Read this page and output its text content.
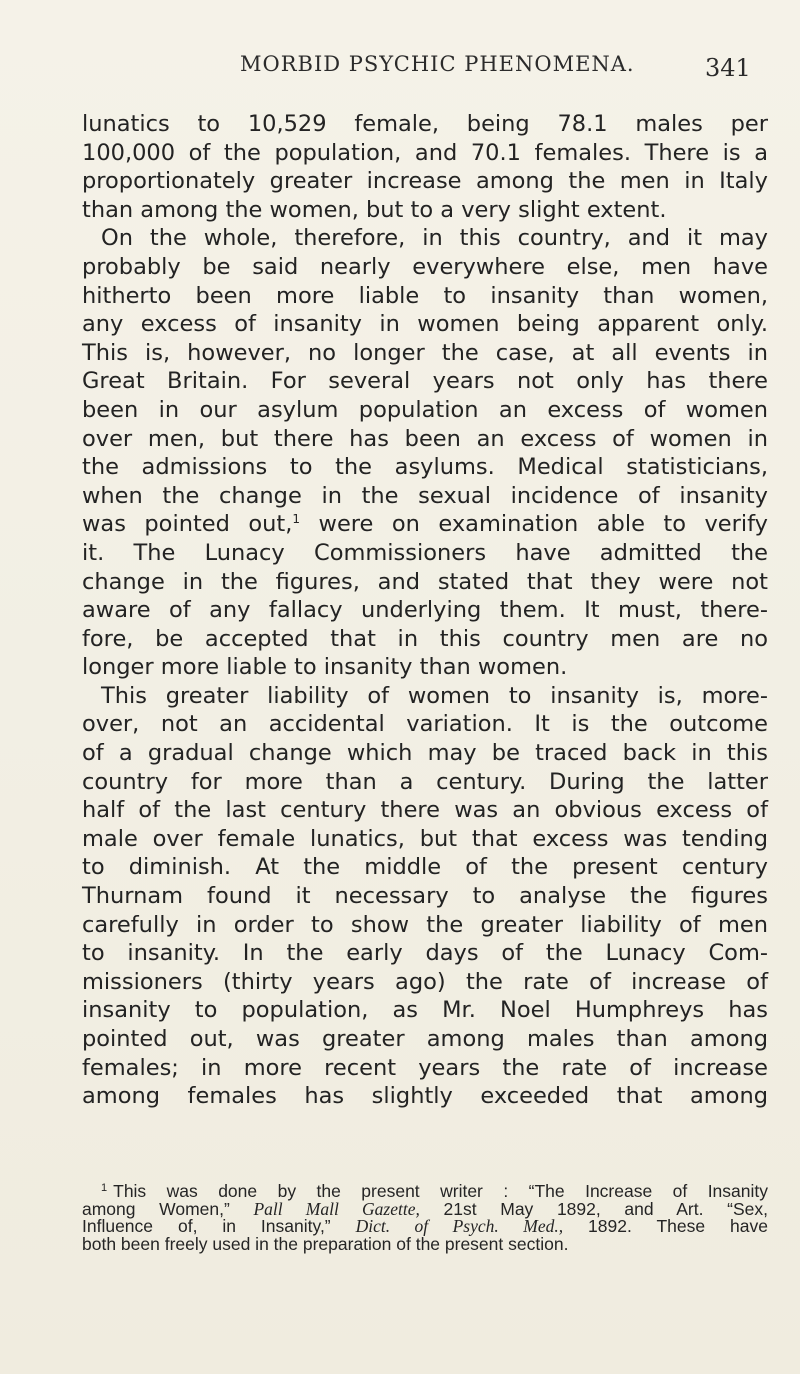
MORBID PSYCHIC PHENOMENA.	341
lunatics to 10,529 female, being 78.1 males per
100,000 of the population, and 70.1 females. There is a
proportionately greater increase among the men in Italy
than among the women, but to a very slight extent.
On the whole, therefore, in this country, and it may
probably be said nearly everywhere else, men have
hitherto been more liable to insanity than women,
any excess of insanity in women being apparent only.
This is, however, no longer the case, at all events in
Great Britain. For several years not only has there
been in our asylum population an excess of women
over men, but there has been an excess of women in
the admissions to the asylums. Medical statisticians,
when the change in the sexual incidence of insanity
was pointed out,$^1$ were on examination able to verify
it. The Lunacy Commissioners have admitted the
change in the figures, and stated that they were not
aware of any fallacy underlying them. It must, there-
fore, be accepted that in this country men are no
longer more liable to insanity than women.
This greater liability of women to insanity is, more-
over, not an accidental variation. It is the outcome
of a gradual change which may be traced back in this
country for more than a century. During the latter
half of the last century there was an obvious excess of
male over female lunatics, but that excess was tending
to diminish. At the middle of the present century
Thurnam found it necessary to analyse the figures
carefully in order to show the greater liability of men
to insanity. In the early days of the Lunacy Com-
missioners (thirty years ago) the rate of increase of
insanity to population, as Mr. Noel Humphreys has
pointed out, was greater among males than among
females; in more recent years the rate of increase
among females has slightly exceeded that among
$^1$ This was done by the present writer : “The Increase of Insanity
among Women,” Pall Mall Gazette, 21st May 1892, and Art. “Sex,
Influence of, in Insanity,” Dict. of Psych. Med., 1892. These have
both been freely used in the preparation of the present section.
